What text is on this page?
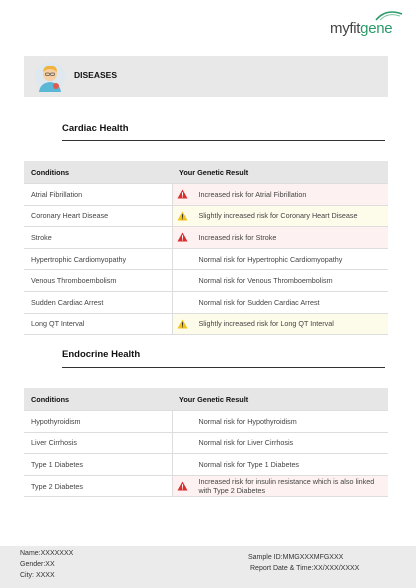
myfitgene
DISEASES
Cardiac Health
Conditions	Your Genetic Result
Atrial Fibrillation	Increased risk for Atrial Fibrillation
Coronary Heart Disease	Slightly increased risk for Coronary Heart Disease
Stroke	Increased risk for Stroke
Hypertrophic Cardiomyopathy	Normal risk for Hypertrophic Cardiomyopathy
Venous Thromboembolism	Normal risk for Venous Thromboembolism
Sudden Cardiac Arrest	Normal risk for Sudden Cardiac Arrest
Long QT Interval	Slightly increased risk for Long QT Interval
Endocrine Health
Conditions	Your Genetic Result
Hypothyroidism	Normal risk for Hypothyroidism
Liver Cirrhosis	Normal risk for Liver Cirrhosis
Type 1 Diabetes	Normal risk for Type 1 Diabetes
Type 2 Diabetes	Increased risk for insulin resistance which is also linked with Type 2 Diabetes
Name:XXXXXXX
Gender:XX
City: XXXX
Sample ID:MMGXXXMFGXXX
Report Date & Time:XX/XXX/XXXX
